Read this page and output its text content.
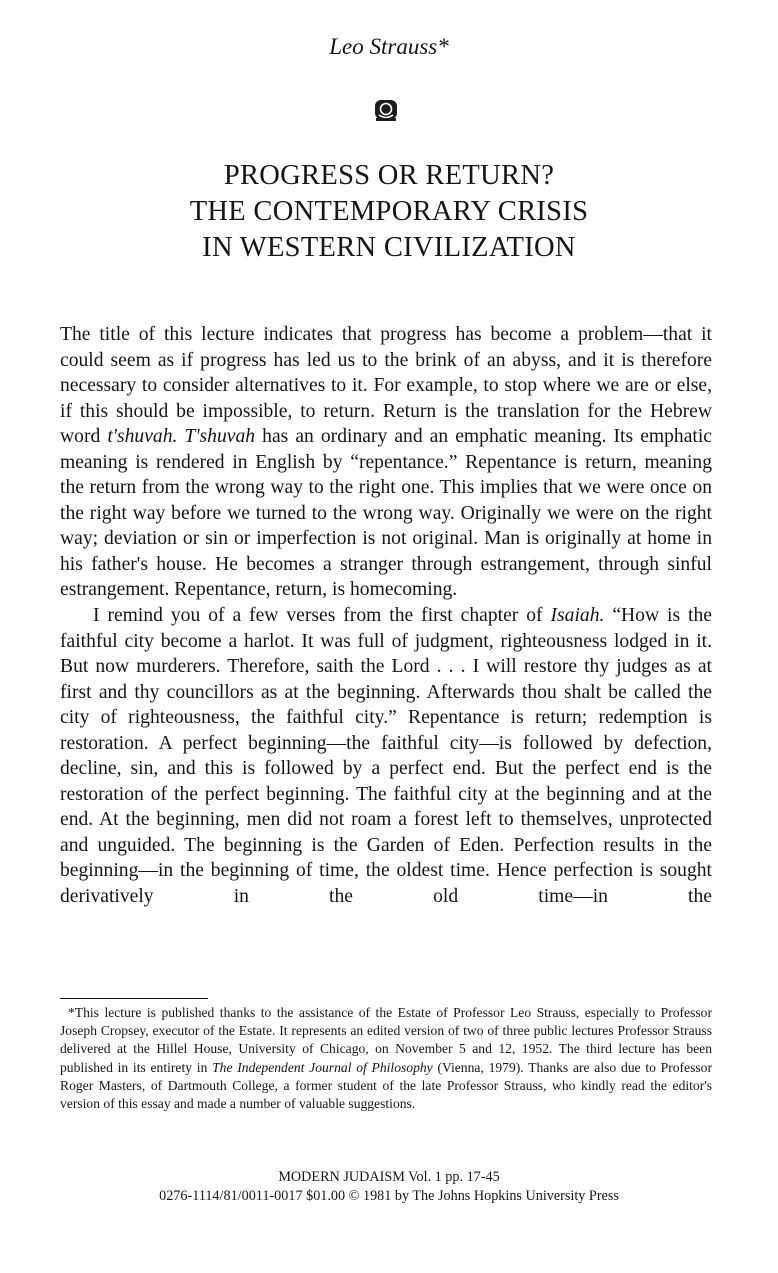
Leo Strauss*
PROGRESS OR RETURN?
THE CONTEMPORARY CRISIS
IN WESTERN CIVILIZATION

The title of this lecture indicates that progress has become a problem—that it could seem as if progress has led us to the brink of an abyss, and it is therefore necessary to consider alternatives to it. For example, to stop where we are or else, if this should be impossible, to return. Return is the translation for the Hebrew word t'shuvah. T'shuvah has an ordinary and an emphatic meaning. Its emphatic meaning is rendered in English by “repentance.” Repentance is return, meaning the return from the wrong way to the right one. This implies that we were once on the right way before we turned to the wrong way. Originally we were on the right way; deviation or sin or imperfection is not original. Man is originally at home in his father's house. He becomes a stranger through estrangement, through sinful estrangement. Repentance, return, is homecoming.

I remind you of a few verses from the first chapter of Isaiah. “How is the faithful city become a harlot. It was full of judgment, righteousness lodged in it. But now murderers. Therefore, saith the Lord . . . I will restore thy judges as at first and thy councillors as at the beginning. Afterwards thou shalt be called the city of righteousness, the faithful city.” Repentance is return; redemption is restoration. A perfect beginning—the faithful city—is followed by defection, decline, sin, and this is followed by a perfect end. But the perfect end is the restoration of the perfect beginning. The faithful city at the beginning and at the end. At the beginning, men did not roam a forest left to themselves, unprotected and unguided. The beginning is the Garden of Eden. Perfection results in the beginning—in the beginning of time, the oldest time. Hence perfection is sought derivatively in the old time—in the

*This lecture is published thanks to the assistance of the Estate of Professor Leo Strauss, especially to Professor Joseph Cropsey, executor of the Estate. It represents an edited version of two of three public lectures Professor Strauss delivered at the Hillel House, University of Chicago, on November 5 and 12, 1952. The third lecture has been published in its entirety in The Independent Journal of Philosophy (Vienna, 1979). Thanks are also due to Professor Roger Masters, of Dartmouth College, a former student of the late Professor Strauss, who kindly read the editor's version of this essay and made a number of valuable suggestions.
MODERN JUDAISM Vol. 1 pp. 17-45
0276-1114/81/0011-0017 $01.00 © 1981 by The Johns Hopkins University Press
